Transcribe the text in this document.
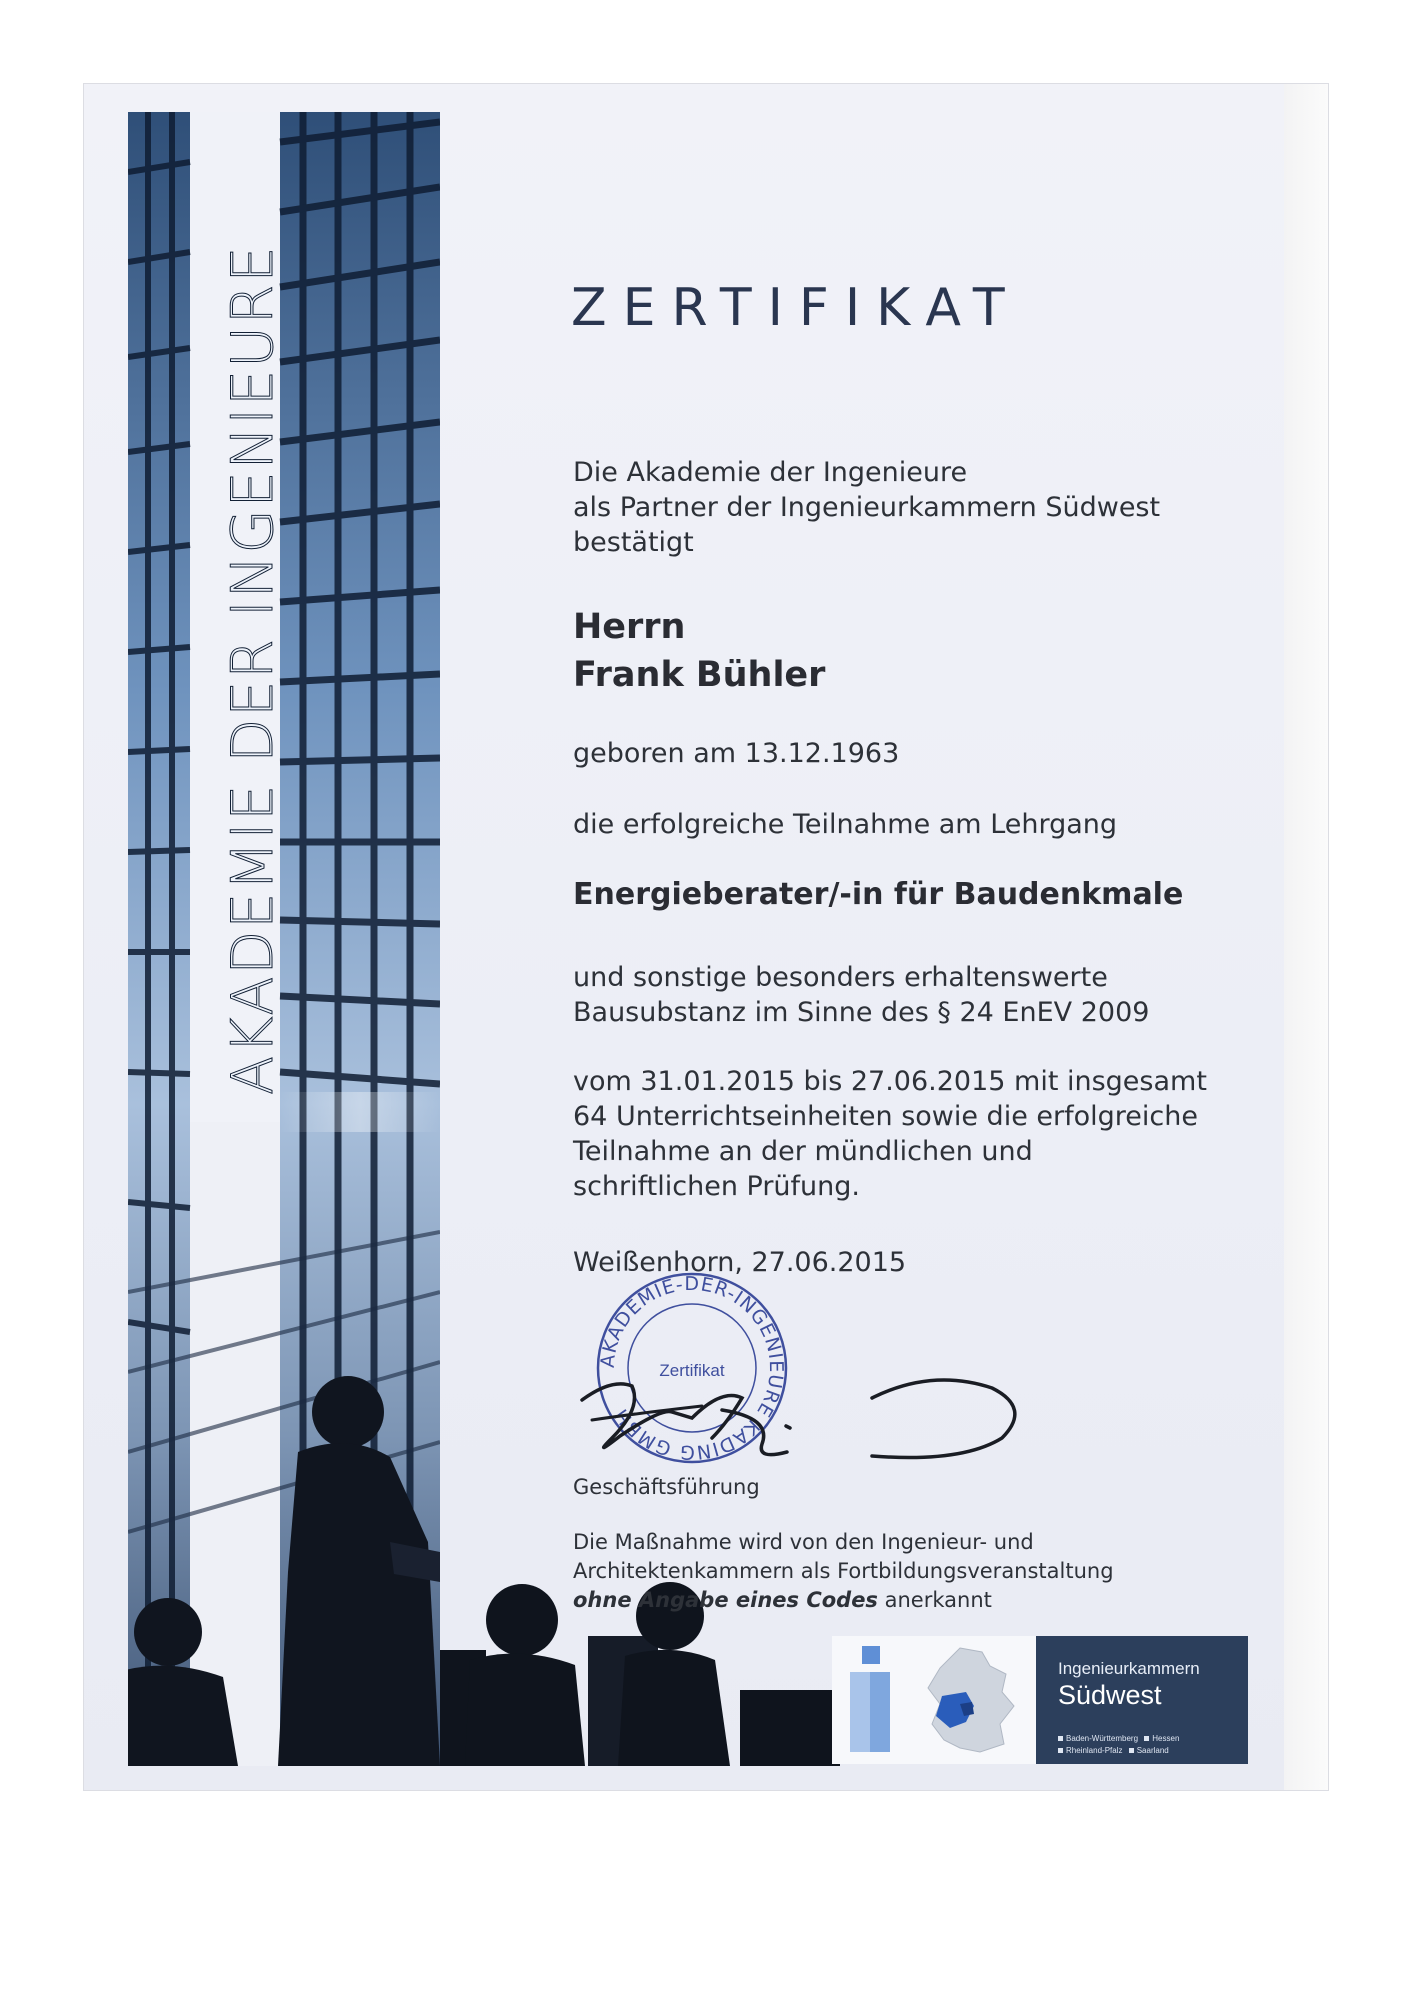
AKADEMIE DER INGENIEURE	ZERTIFIKAT
Die Akademie der Ingenieure
als Partner der Ingenieurkammern Südwest
bestätigt
Herrn
Frank Bühler
geboren am 13.12.1963
die erfolgreiche Teilnahme am Lehrgang
Energieberater/-in für Baudenkmale
und sonstige besonders erhaltenswerte
Bausubstanz im Sinne des § 24 EnEV 2009
vom 31.01.2015 bis 27.06.2015 mit insgesamt
64 Unterrichtseinheiten sowie die erfolgreiche
Teilnahme an der mündlichen und
schriftlichen Prüfung.
Weißenhorn, 27.06.2015
AKADEMIE-DER-INGENIEURE KADING GMBH
Zertifikat
Geschäftsführung
Die Maßnahme wird von den Ingenieur- und
Architektenkammern als Fortbildungsveranstaltung
ohne Angabe eines Codes anerkannt
Ingenieurkammern
Südwest
Baden-Württemberg Hessen
Rheinland-Pfalz Saarland
